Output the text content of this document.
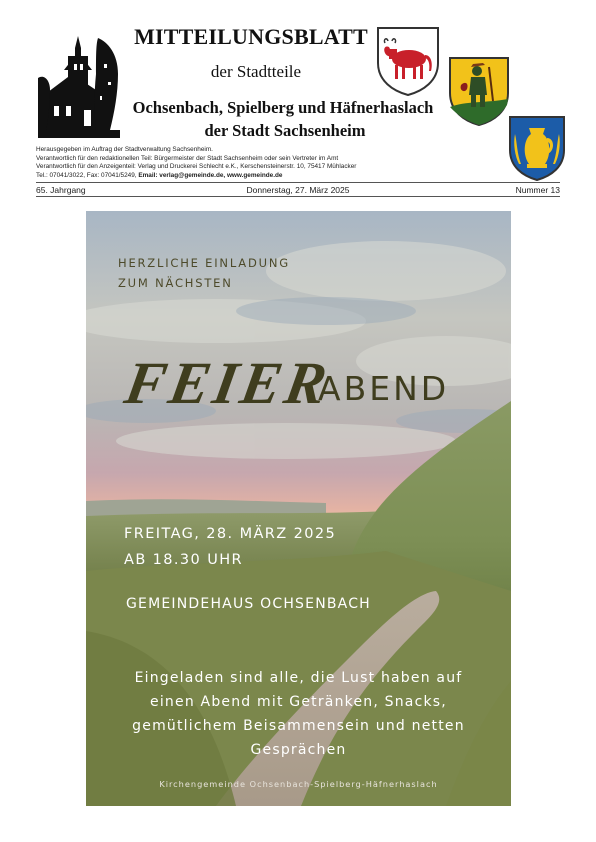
MITTEILUNGSBLATT
der Stadtteile
Ochsenbach, Spielberg und Häfnerhaslach
der Stadt Sachsenheim
Herausgegeben im Auftrag der Stadtverwaltung Sachsenheim.
Verantwortlich für den redaktionellen Teil: Bürgermeister der Stadt Sachsenheim oder sein Vertreter im Amt
Verantwortlich für den Anzeigenteil: Verlag und Druckerei Schlecht e.K., Kerschensteinerstr. 10, 75417 Mühlacker
Tel.: 07041/3022, Fax: 07041/5249, Email: verlag@gemeinde.de, www.gemeinde.de
65. Jahrgang	Donnerstag, 27. März 2025	Nummer 13
HERZLICHE EINLADUNG
ZUM NÄCHSTEN
FEIER
ABEND
FREITAG, 28. MÄRZ 2025
AB 18.30 UHR
GEMEINDEHAUS OCHSENBACH
Eingeladen sind alle, die Lust haben auf
einen Abend mit Getränken, Snacks,
gemütlichem Beisammensein und netten
Gesprächen
Kirchengemeinde Ochsenbach-Spielberg-Häfnerhaslach
